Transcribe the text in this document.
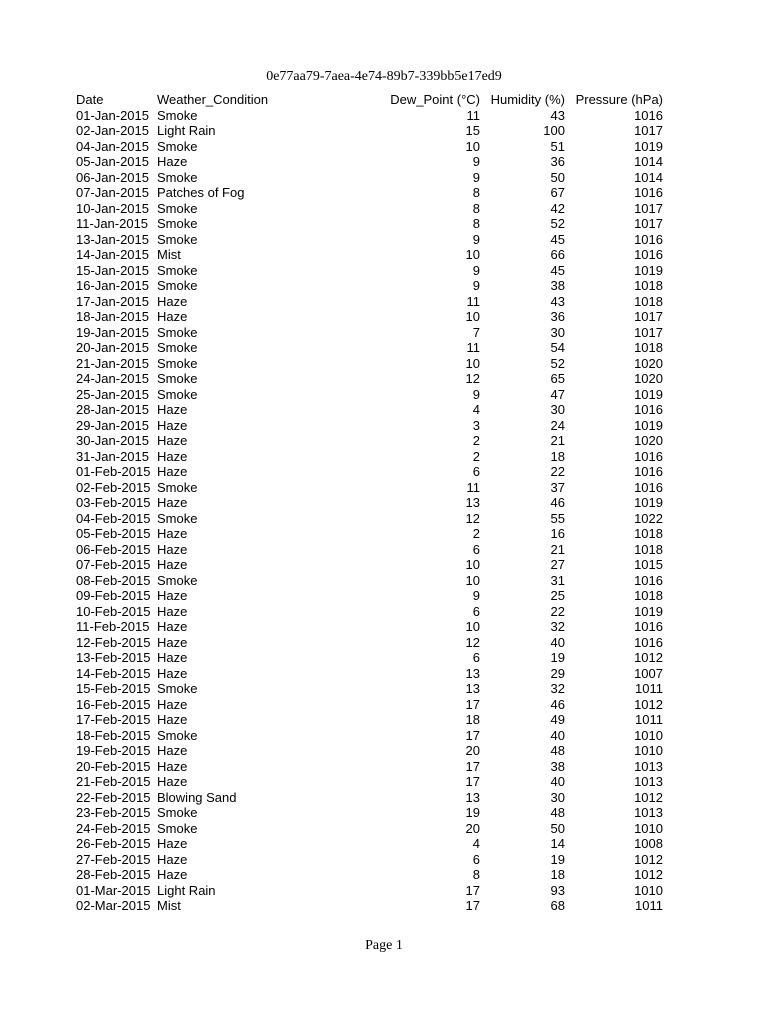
0e77aa79-7aea-4e74-89b7-339bb5e17ed9
Date	Weather_Condition	Dew_Point (°C)	Humidity (%)	Pressure (hPa)
01-Jan-2015	Smoke	11	43	1016
02-Jan-2015	Light Rain	15	100	1017
04-Jan-2015	Smoke	10	51	1019
05-Jan-2015	Haze	9	36	1014
06-Jan-2015	Smoke	9	50	1014
07-Jan-2015	Patches of Fog	8	67	1016
10-Jan-2015	Smoke	8	42	1017
11-Jan-2015	Smoke	8	52	1017
13-Jan-2015	Smoke	9	45	1016
14-Jan-2015	Mist	10	66	1016
15-Jan-2015	Smoke	9	45	1019
16-Jan-2015	Smoke	9	38	1018
17-Jan-2015	Haze	11	43	1018
18-Jan-2015	Haze	10	36	1017
19-Jan-2015	Smoke	7	30	1017
20-Jan-2015	Smoke	11	54	1018
21-Jan-2015	Smoke	10	52	1020
24-Jan-2015	Smoke	12	65	1020
25-Jan-2015	Smoke	9	47	1019
28-Jan-2015	Haze	4	30	1016
29-Jan-2015	Haze	3	24	1019
30-Jan-2015	Haze	2	21	1020
31-Jan-2015	Haze	2	18	1016
01-Feb-2015	Haze	6	22	1016
02-Feb-2015	Smoke	11	37	1016
03-Feb-2015	Haze	13	46	1019
04-Feb-2015	Smoke	12	55	1022
05-Feb-2015	Haze	2	16	1018
06-Feb-2015	Haze	6	21	1018
07-Feb-2015	Haze	10	27	1015
08-Feb-2015	Smoke	10	31	1016
09-Feb-2015	Haze	9	25	1018
10-Feb-2015	Haze	6	22	1019
11-Feb-2015	Haze	10	32	1016
12-Feb-2015	Haze	12	40	1016
13-Feb-2015	Haze	6	19	1012
14-Feb-2015	Haze	13	29	1007
15-Feb-2015	Smoke	13	32	1011
16-Feb-2015	Haze	17	46	1012
17-Feb-2015	Haze	18	49	1011
18-Feb-2015	Smoke	17	40	1010
19-Feb-2015	Haze	20	48	1010
20-Feb-2015	Haze	17	38	1013
21-Feb-2015	Haze	17	40	1013
22-Feb-2015	Blowing Sand	13	30	1012
23-Feb-2015	Smoke	19	48	1013
24-Feb-2015	Smoke	20	50	1010
26-Feb-2015	Haze	4	14	1008
27-Feb-2015	Haze	6	19	1012
28-Feb-2015	Haze	8	18	1012
01-Mar-2015	Light Rain	17	93	1010
02-Mar-2015	Mist	17	68	1011
Page 1
